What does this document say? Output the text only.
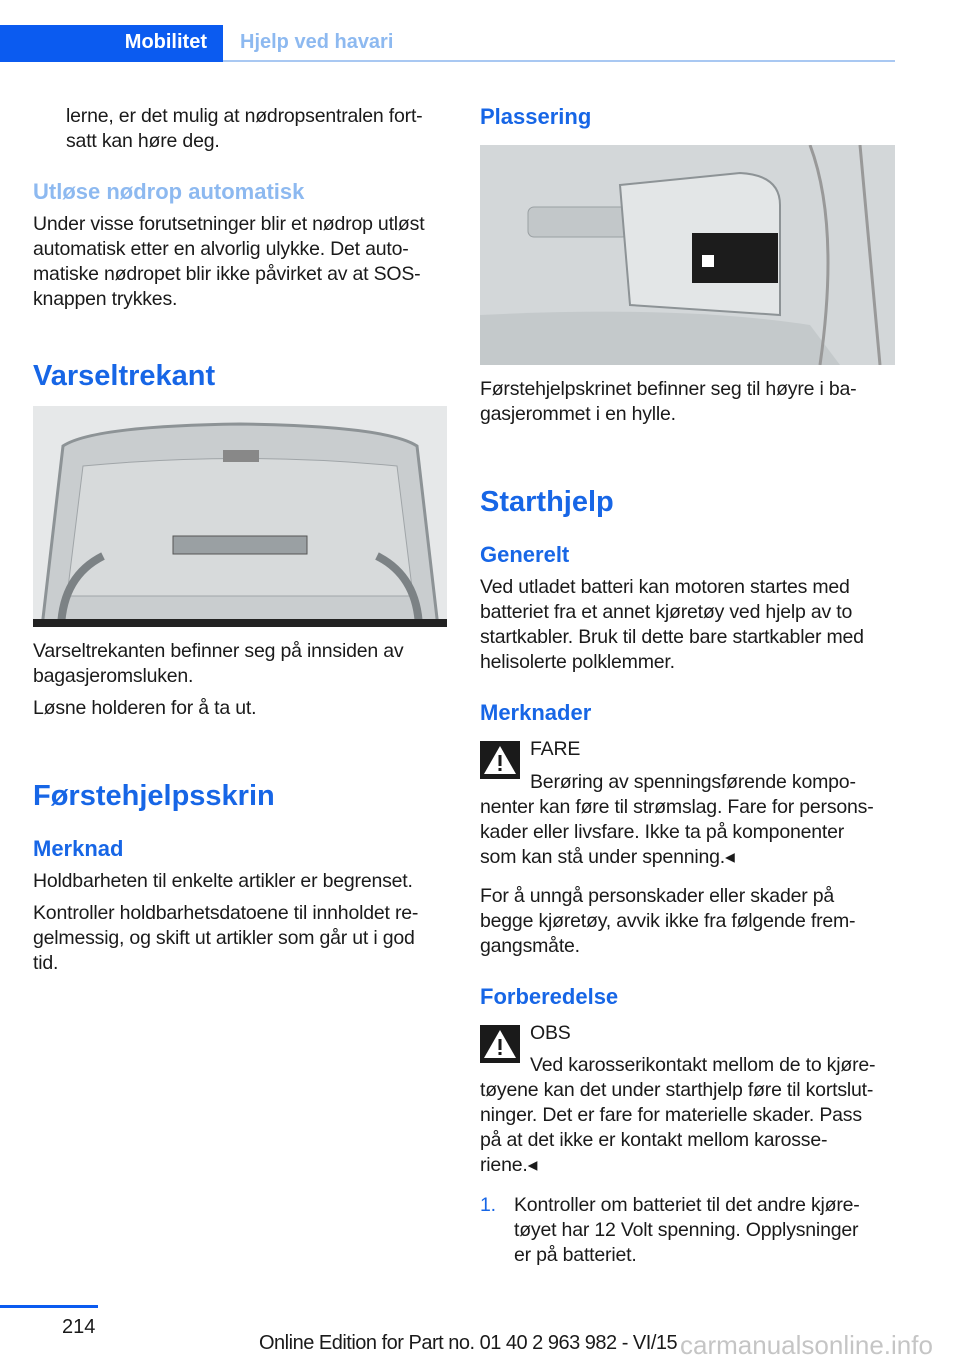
Mobilitet	Hjelp ved havari
lerne, er det mulig at nødropsentralen fort-
satt kan høre deg.
Utløse nødrop automatisk
Under visse forutsetninger blir et nødrop utløst
automatisk etter en alvorlig ulykke. Det auto-
matiske nødropet blir ikke påvirket av at SOS-
knappen trykkes.
Varseltrekant
Varseltrekanten befinner seg på innsiden av
bagasjeromsluken.
Løsne holderen for å ta ut.
Førstehjelpsskrin
Merknad
Holdbarheten til enkelte artikler er begrenset.
Kontroller holdbarhetsdatoene til innholdet re-
gelmessig, og skift ut artikler som går ut i god
tid.
Plassering
Førstehjelpskrinet befinner seg til høyre i ba-
gasjerommet i en hylle.
Starthjelp
Generelt
Ved utladet batteri kan motoren startes med
batteriet fra et annet kjøretøy ved hjelp av to
startkabler. Bruk til dette bare startkabler med
helisolerte polklemmer.
Merknader
FARE
Berøring av spenningsførende kompo-
nenter kan føre til strømslag. Fare for persons-
kader eller livsfare. Ikke ta på komponenter
som kan stå under spenning.◂
For å unngå personskader eller skader på
begge kjøretøy, avvik ikke fra følgende frem-
gangsmåte.
Forberedelse
OBS
Ved karosserikontakt mellom de to kjøre-
tøyene kan det under starthjelp føre til kortslut-
ninger. Det er fare for materielle skader. Pass
på at det ikke er kontakt mellom karosse-
riene.◂
1. Kontroller om batteriet til det andre kjøre-
tøyet har 12 Volt spenning. Opplysninger
er på batteriet.
214
Online Edition for Part no. 01 40 2 963 982 - VI/15 carmanualsonline.info
